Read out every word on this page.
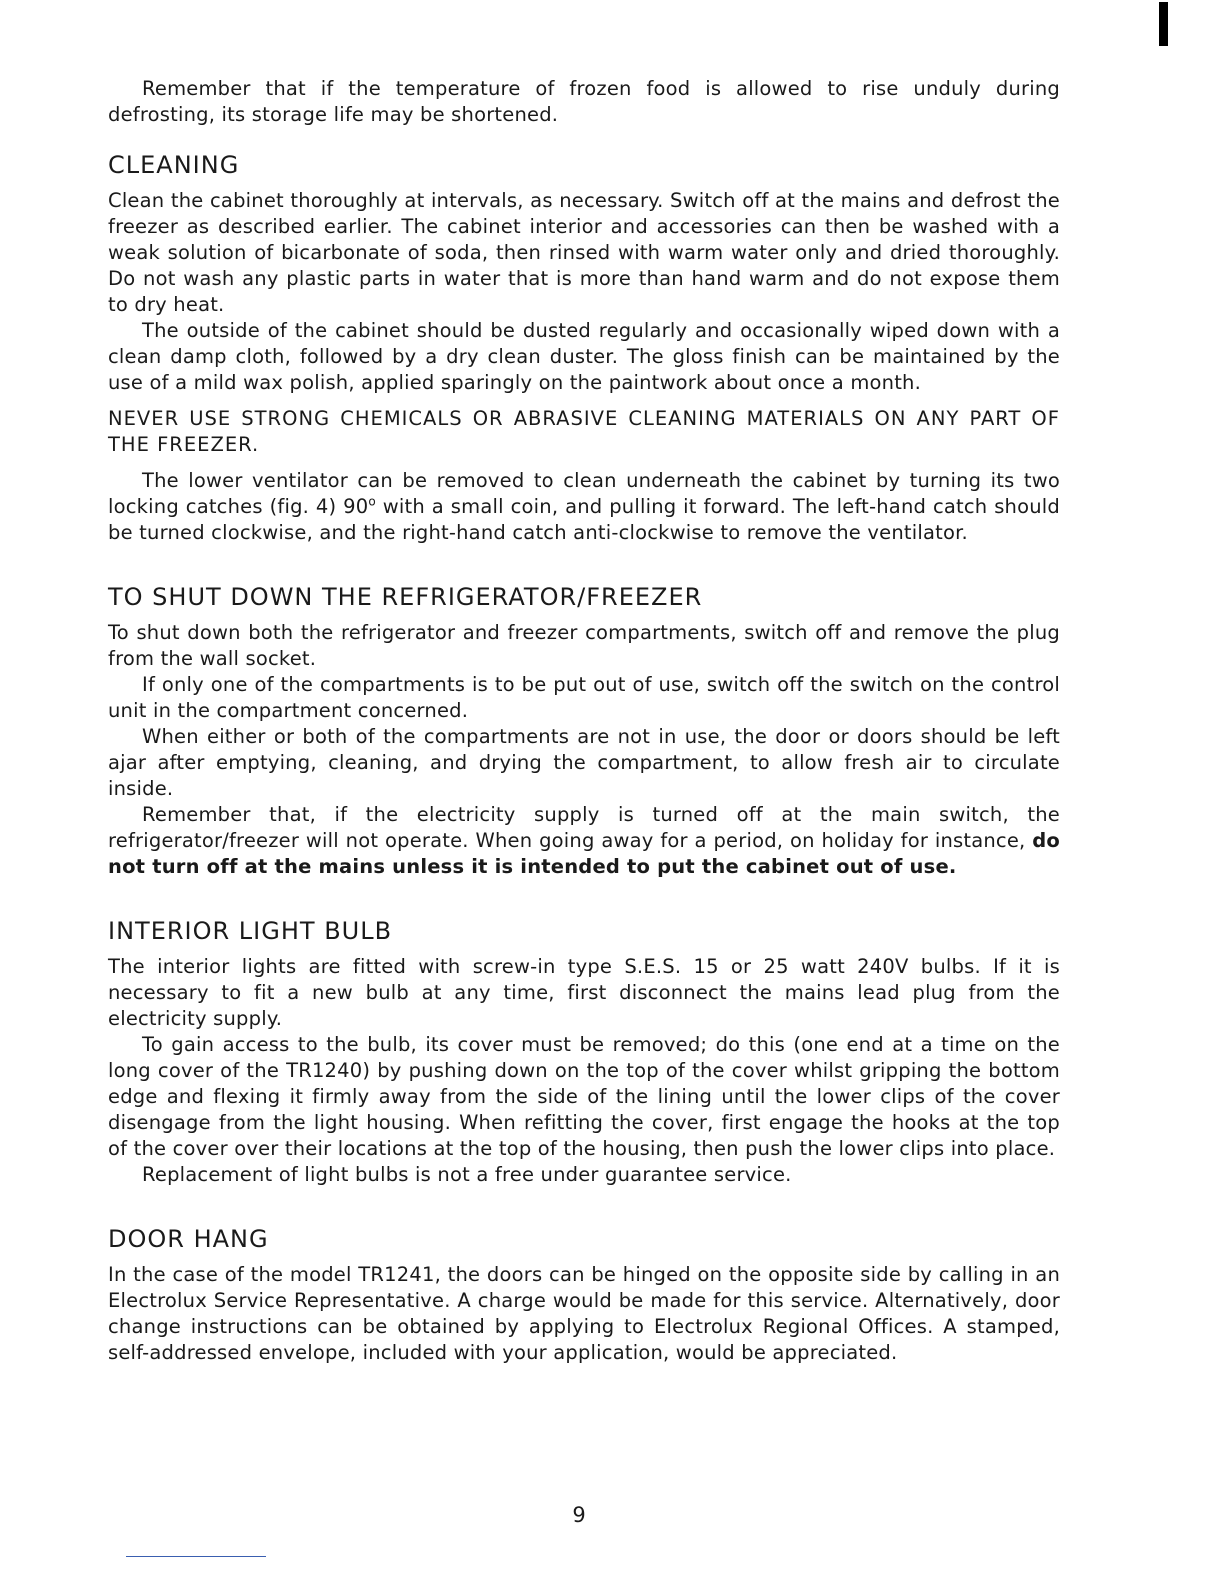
Remember that if the temperature of frozen food is allowed to rise unduly during defrosting, its storage life may be shortened.

CLEANING

Clean the cabinet thoroughly at intervals, as necessary. Switch off at the mains and defrost the freezer as described earlier. The cabinet interior and accessories can then be washed with a weak solution of bicarbonate of soda, then rinsed with warm water only and dried thoroughly. Do not wash any plastic parts in water that is more than hand warm and do not expose them to dry heat.

The outside of the cabinet should be dusted regularly and occasionally wiped down with a clean damp cloth, followed by a dry clean duster. The gloss finish can be maintained by the use of a mild wax polish, applied sparingly on the paintwork about once a month.

NEVER USE STRONG CHEMICALS OR ABRASIVE CLEANING MATERIALS ON ANY PART OF THE FREEZER.

The lower ventilator can be removed to clean underneath the cabinet by turning its two locking catches (fig. 4) 90$^o$ with a small coin, and pulling it forward. The left-hand catch should be turned clockwise, and the right-hand catch anti-clockwise to remove the ventilator.

TO SHUT DOWN THE REFRIGERATOR/FREEZER

To shut down both the refrigerator and freezer compartments, switch off and remove the plug from the wall socket.

If only one of the compartments is to be put out of use, switch off the switch on the control unit in the compartment concerned.

When either or both of the compartments are not in use, the door or doors should be left ajar after emptying, cleaning, and drying the compartment, to allow fresh air to circulate inside.

Remember that, if the electricity supply is turned off at the main switch, the refrigerator/freezer will not operate. When going away for a period, on holiday for instance, do not turn off at the mains unless it is intended to put the cabinet out of use.

INTERIOR LIGHT BULB

The interior lights are fitted with screw-in type S.E.S. 15 or 25 watt 240V bulbs. If it is necessary to fit a new bulb at any time, first disconnect the mains lead plug from the electricity supply.

To gain access to the bulb, its cover must be removed; do this (one end at a time on the long cover of the TR1240) by pushing down on the top of the cover whilst gripping the bottom edge and flexing it firmly away from the side of the lining until the lower clips of the cover disengage from the light housing. When refitting the cover, first engage the hooks at the top of the cover over their locations at the top of the housing, then push the lower clips into place.

Replacement of light bulbs is not a free under guarantee service.

DOOR HANG

In the case of the model TR1241, the doors can be hinged on the opposite side by calling in an Electrolux Service Representative. A charge would be made for this service. Alternatively, door change instructions can be obtained by applying to Electrolux Regional Offices. A stamped, self-addressed envelope, included with your application, would be appreciated.

9
